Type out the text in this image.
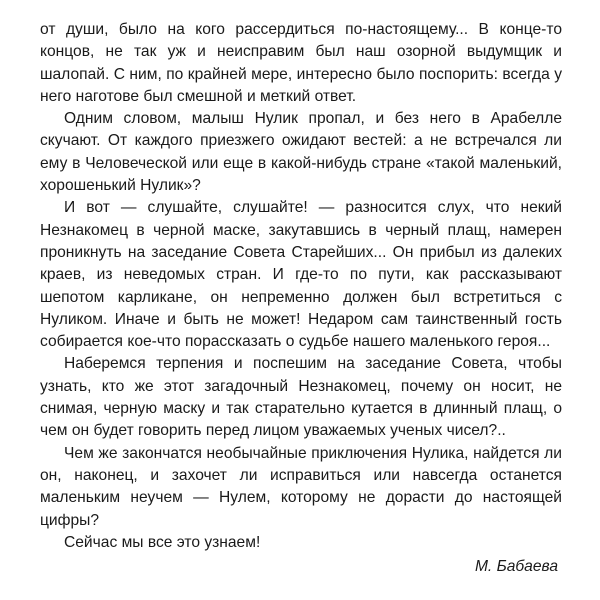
от души, было на кого рассердиться по-настоящему... В конце-то концов, не так уж и неисправим был наш озорной выдумщик и шалопай. С ним, по крайней мере, интересно было поспорить: всегда у него наготове был смешной и меткий ответ.

Одним словом, малыш Нулик пропал, и без него в Арабелле скучают. От каждого приезжего ожидают вестей: а не встречался ли ему в Человеческой или еще в какой-нибудь стране «такой маленький, хорошенький Нулик»?

И вот — слушайте, слушайте! — разносится слух, что некий Незнакомец в черной маске, закутавшись в черный плащ, намерен проникнуть на заседание Совета Старейших... Он прибыл из далеких краев, из неведомых стран. И где-то по пути, как рассказывают шепотом карликане, он непременно должен был встретиться с Нуликом. Иначе и быть не может! Недаром сам таинственный гость собирается кое-что порассказать о судьбе нашего маленького героя...

Наберемся терпения и поспешим на заседание Совета, чтобы узнать, кто же этот загадочный Незнакомец, почему он носит, не снимая, черную маску и так старательно кутается в длинный плащ, о чем он будет говорить перед лицом уважаемых ученых чисел?..

Чем же закончатся необычайные приключения Нулика, найдется ли он, наконец, и захочет ли исправиться или навсегда останется маленьким неучем — Нулем, которому не дорасти до настоящей цифры?

Сейчас мы все это узнаем!

М. Бабаева
